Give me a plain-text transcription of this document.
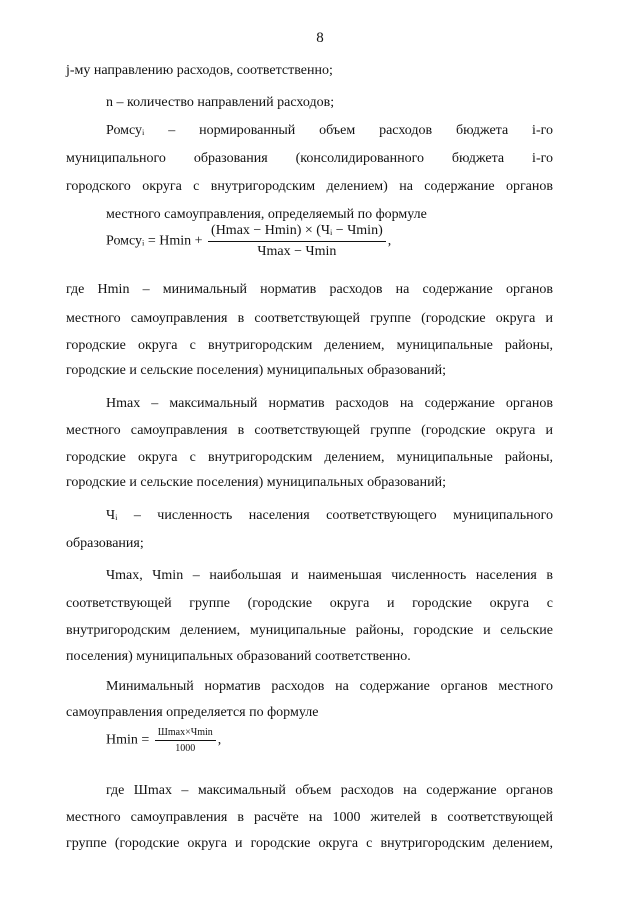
8
j-му направлению расходов, соответственно;
n – количество направлений расходов;
Ромсуᵢ – нормированный объем расходов бюджета i-го
муниципального образования (консолидированного бюджета i-го
городского округа с внутригородским делением) на содержание органов
местного самоуправления, определяемый по формуле
Ромсуᵢ = $Н\min + \frac{\text{(Нmax − Нmin) × (Чᵢ − Чmin)}}{Ч\max - Ч\min}$ ,
где Нmin – минимальный норматив расходов на содержание органов
местного самоуправления в соответствующей группе (городские округа и
городские округа с внутригородским делением, муниципальные районы,
городские и сельские поселения) муниципальных образований;
Нmax – максимальный норматив расходов на содержание органов
местного самоуправления в соответствующей группе (городские округа и
городские округа с внутригородским делением, муниципальные районы,
городские и сельские поселения) муниципальных образований;
Чᵢ – численность населения соответствующего муниципального
образования;
Чmax, Чmin – наибольшая и наименьшая численность населения в
соответствующей группе (городские округа и городские округа с
внутригородским делением, муниципальные районы, городские и сельские
поселения) муниципальных образований соответственно.
Минимальный норматив расходов на содержание органов местного
самоуправления определяется по формуле
$Н\min = \frac{Ш\max\times Ч\min}{1000}$ ,
где Шmax – максимальный объем расходов на содержание органов
местного самоуправления в расчёте на 1000 жителей в соответствующей
группе (городские округа и городские округа с внутригородским делением,
